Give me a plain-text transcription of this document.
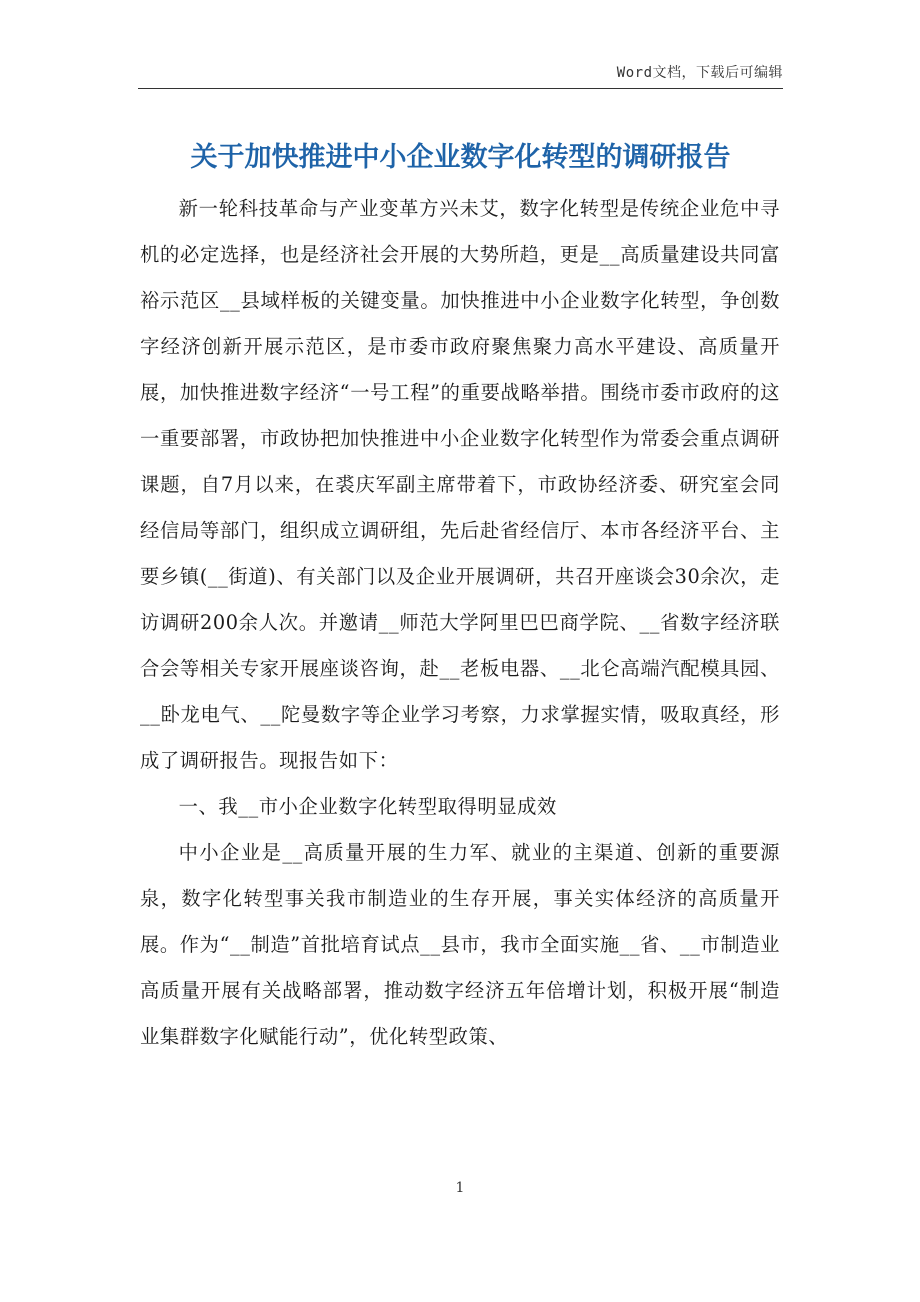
Word文档，下载后可编辑
关于加快推进中小企业数字化转型的调研报告

新一轮科技革命与产业变革方兴未艾，数字化转型是传统企业危中寻机的必定选择，也是经济社会开展的大势所趋，更是__高质量建设共同富裕示范区__县域样板的关键变量。加快推进中小企业数字化转型，争创数字经济创新开展示范区，是市委市政府聚焦聚力高水平建设、高质量开展，加快推进数字经济“一号工程”的重要战略举措。围绕市委市政府的这一重要部署，市政协把加快推进中小企业数字化转型作为常委会重点调研课题，自7月以来，在裘庆军副主席带着下，市政协经济委、研究室会同经信局等部门，组织成立调研组，先后赴省经信厅、本市各经济平台、主要乡镇(__街道)、有关部门以及企业开展调研，共召开座谈会30余次，走访调研200余人次。并邀请__师范大学阿里巴巴商学院、__省数字经济联合会等相关专家开展座谈咨询，赴__老板电器、__北仑高端汽配模具园、__卧龙电气、__陀曼数字等企业学习考察，力求掌握实情，吸取真经，形成了调研报告。现报告如下：

一、我__市小企业数字化转型取得明显成效

中小企业是__高质量开展的生力军、就业的主渠道、创新的重要源泉，数字化转型事关我市制造业的生存开展，事关实体经济的高质量开展。作为“__制造”首批培育试点__县市，我市全面实施__省、__市制造业高质量开展有关战略部署，推动数字经济五年倍增计划，积极开展“制造业集群数字化赋能行动”，优化转型政策、

1
